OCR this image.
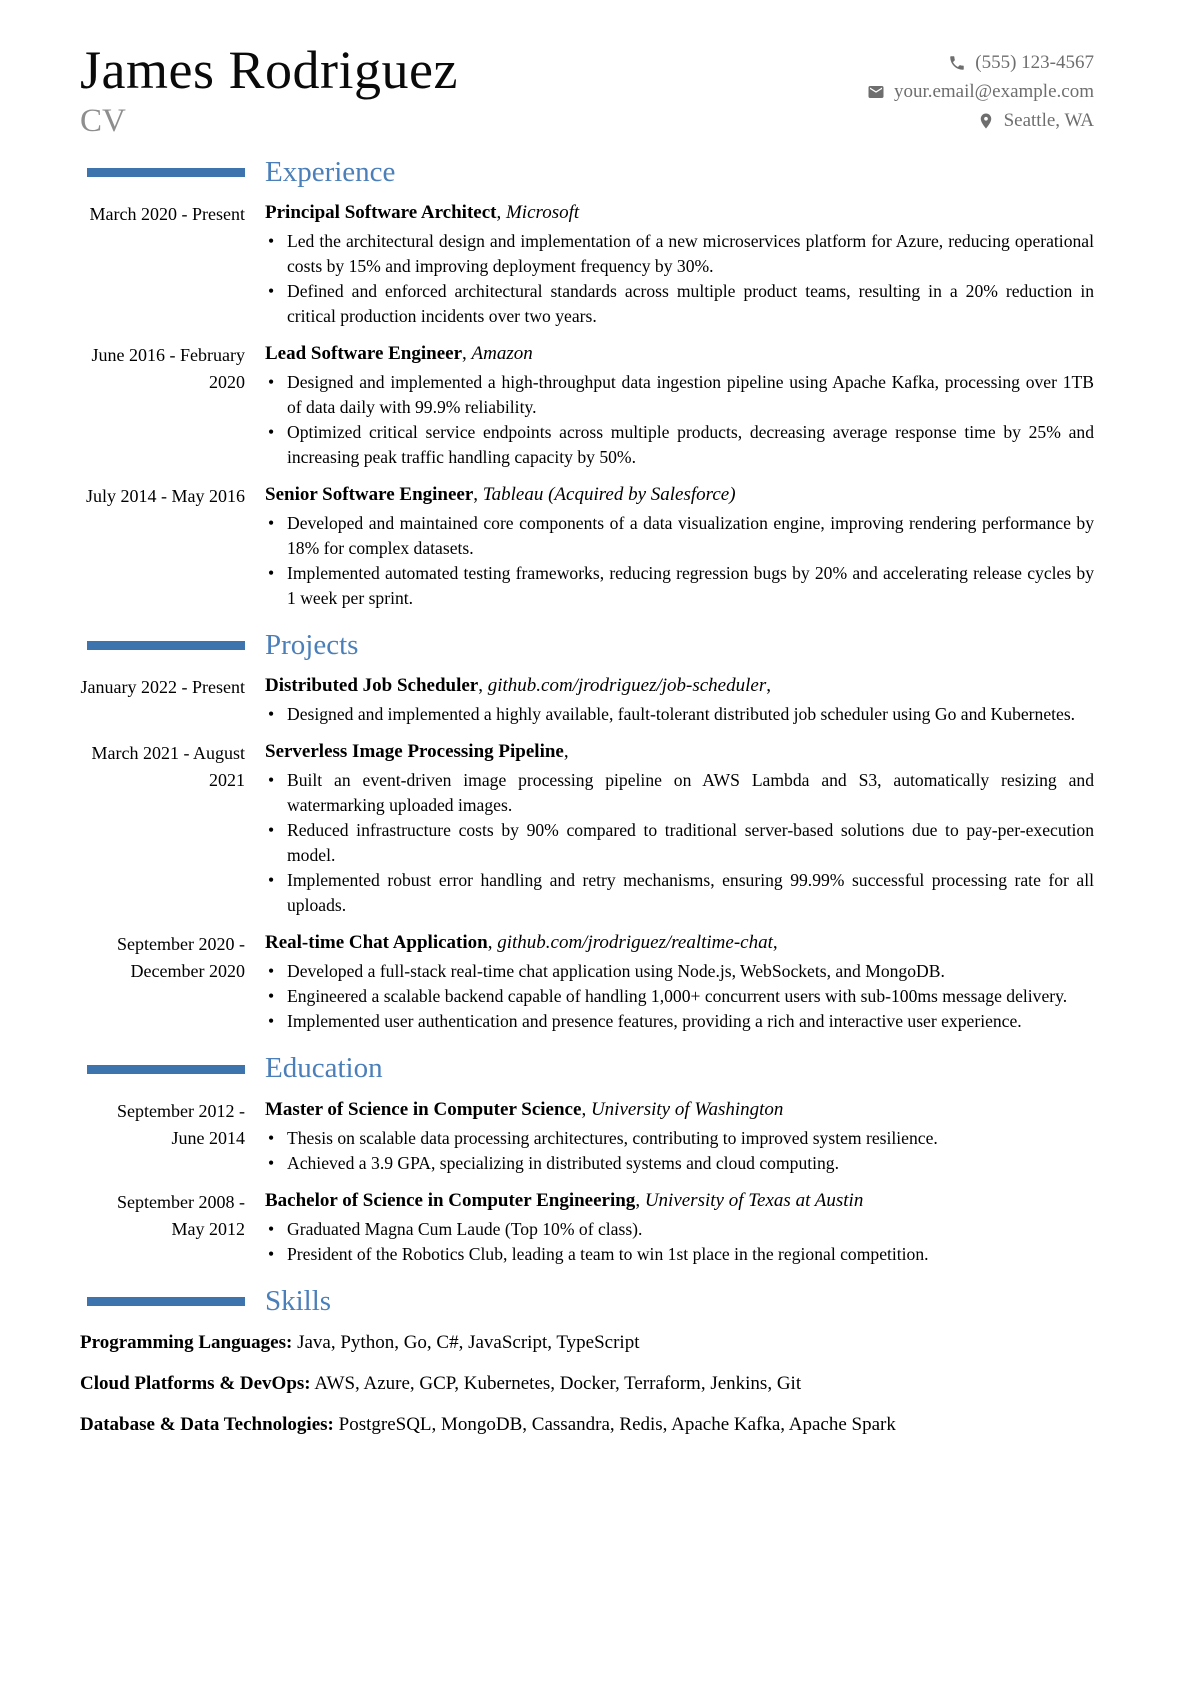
James Rodriguez
CV
(555) 123-4567
your.email@example.com
Seattle, WA
Experience
March 2020 - Present Principal Software Architect, Microsoft
• Led the architectural design and implementation of a new microservices platform for Azure, reducing operational costs by 15% and improving deployment frequency by 30%.
• Defined and enforced architectural standards across multiple product teams, resulting in a 20% reduction in critical production incidents over two years.
June 2016 - February 2020
Lead Software Engineer, Amazon
• Designed and implemented a high-throughput data ingestion pipeline using Apache Kafka, processing over 1TB of data daily with 99.9% reliability.
• Optimized critical service endpoints across multiple products, decreasing average response time by 25% and increasing peak traffic handling capacity by 50%.
July 2014 - May 2016 Senior Software Engineer, Tableau (Acquired by Salesforce)
• Developed and maintained core components of a data visualization engine, improving rendering performance by 18% for complex datasets.
• Implemented automated testing frameworks, reducing regression bugs by 20% and accelerating release cycles by 1 week per sprint.
Projects
January 2022 - Present Distributed Job Scheduler, github.com/jrodriguez/job-scheduler,
• Designed and implemented a highly available, fault-tolerant distributed job scheduler using Go and Kubernetes.
March 2021 - August 2021
Serverless Image Processing Pipeline,
• Built an event-driven image processing pipeline on AWS Lambda and S3, automatically resizing and watermarking uploaded images.
• Reduced infrastructure costs by 90% compared to traditional server-based solutions due to pay-per-execution model.
• Implemented robust error handling and retry mechanisms, ensuring 99.99% successful processing rate for all uploads.
September 2020 - December 2020
Real-time Chat Application, github.com/jrodriguez/realtime-chat,
• Developed a full-stack real-time chat application using Node.js, WebSockets, and MongoDB.
• Engineered a scalable backend capable of handling 1,000+ concurrent users with sub-100ms message delivery.
• Implemented user authentication and presence features, providing a rich and interactive user experience.
Education
September 2012 - June 2014
Master of Science in Computer Science, University of Washington
• Thesis on scalable data processing architectures, contributing to improved system resilience.
• Achieved a 3.9 GPA, specializing in distributed systems and cloud computing.
September 2008 - May 2012
Bachelor of Science in Computer Engineering, University of Texas at Austin
• Graduated Magna Cum Laude (Top 10% of class).
• President of the Robotics Club, leading a team to win 1st place in the regional competition.
Skills
Programming Languages: Java, Python, Go, C#, JavaScript, TypeScript
Cloud Platforms & DevOps: AWS, Azure, GCP, Kubernetes, Docker, Terraform, Jenkins, Git
Database & Data Technologies: PostgreSQL, MongoDB, Cassandra, Redis, Apache Kafka, Apache Spark
